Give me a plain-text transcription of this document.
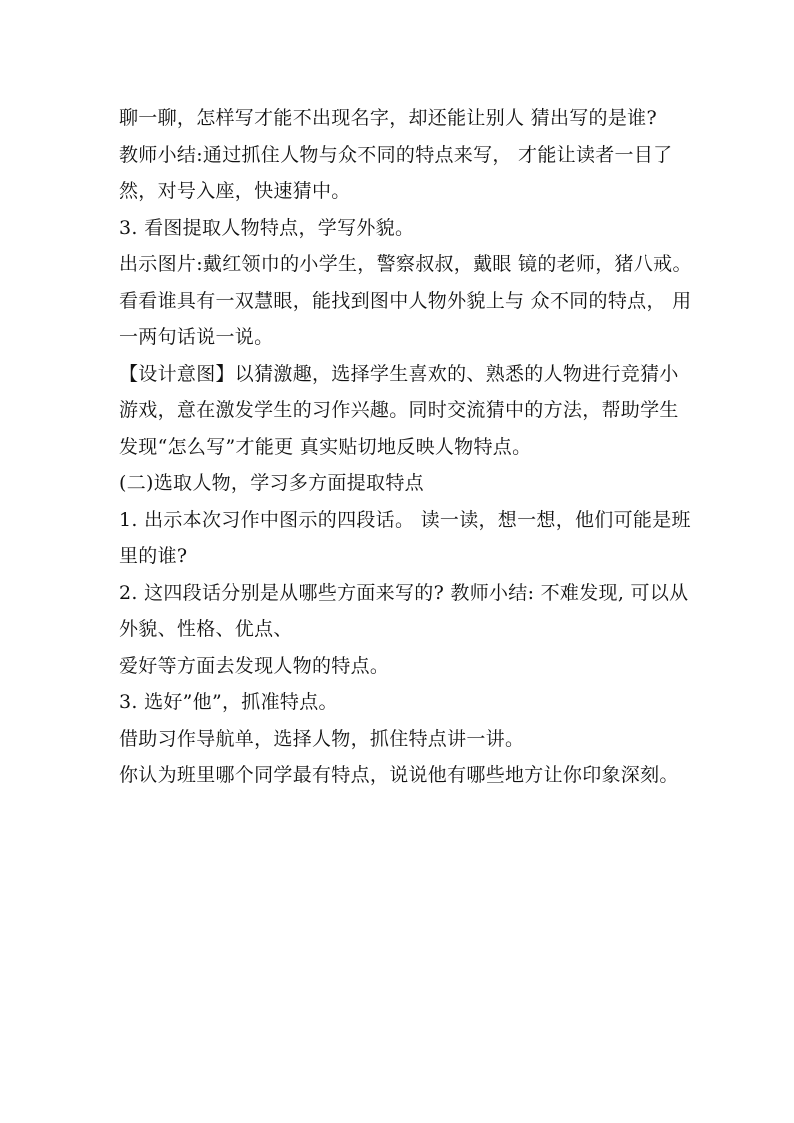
聊一聊，怎样写才能不出现名字，却还能让别人 猜出写的是谁?
教师小结:通过抓住人物与众不同的特点来写， 才能让读者一目了
然，对号入座，快速猜中。
3. 看图提取人物特点，学写外貌。
出示图片:戴红领巾的小学生，警察叔叔，戴眼 镜的老师，猪八戒。
看看谁具有一双慧眼，能找到图中人物外貌上与 众不同的特点， 用
一两句话说一说。
【设计意图】以猜激趣，选择学生喜欢的、熟悉的人物进行竞猜小
游戏，意在激发学生的习作兴趣。同时交流猜中的方法，帮助学生
发现“怎么写”才能更 真实贴切地反映人物特点。
(二)选取人物，学习多方面提取特点
1. 出示本次习作中图示的四段话。 读一读，想一想，他们可能是班
里的谁?
2. 这四段话分别是从哪些方面来写的? 教师小结: 不难发现, 可以从
外貌、性格、优点、
爱好等方面去发现人物的特点。
3. 选好”他”，抓准特点。
借助习作导航单，选择人物，抓住特点讲一讲。
你认为班里哪个同学最有特点，说说他有哪些地方让你印象深刻。
